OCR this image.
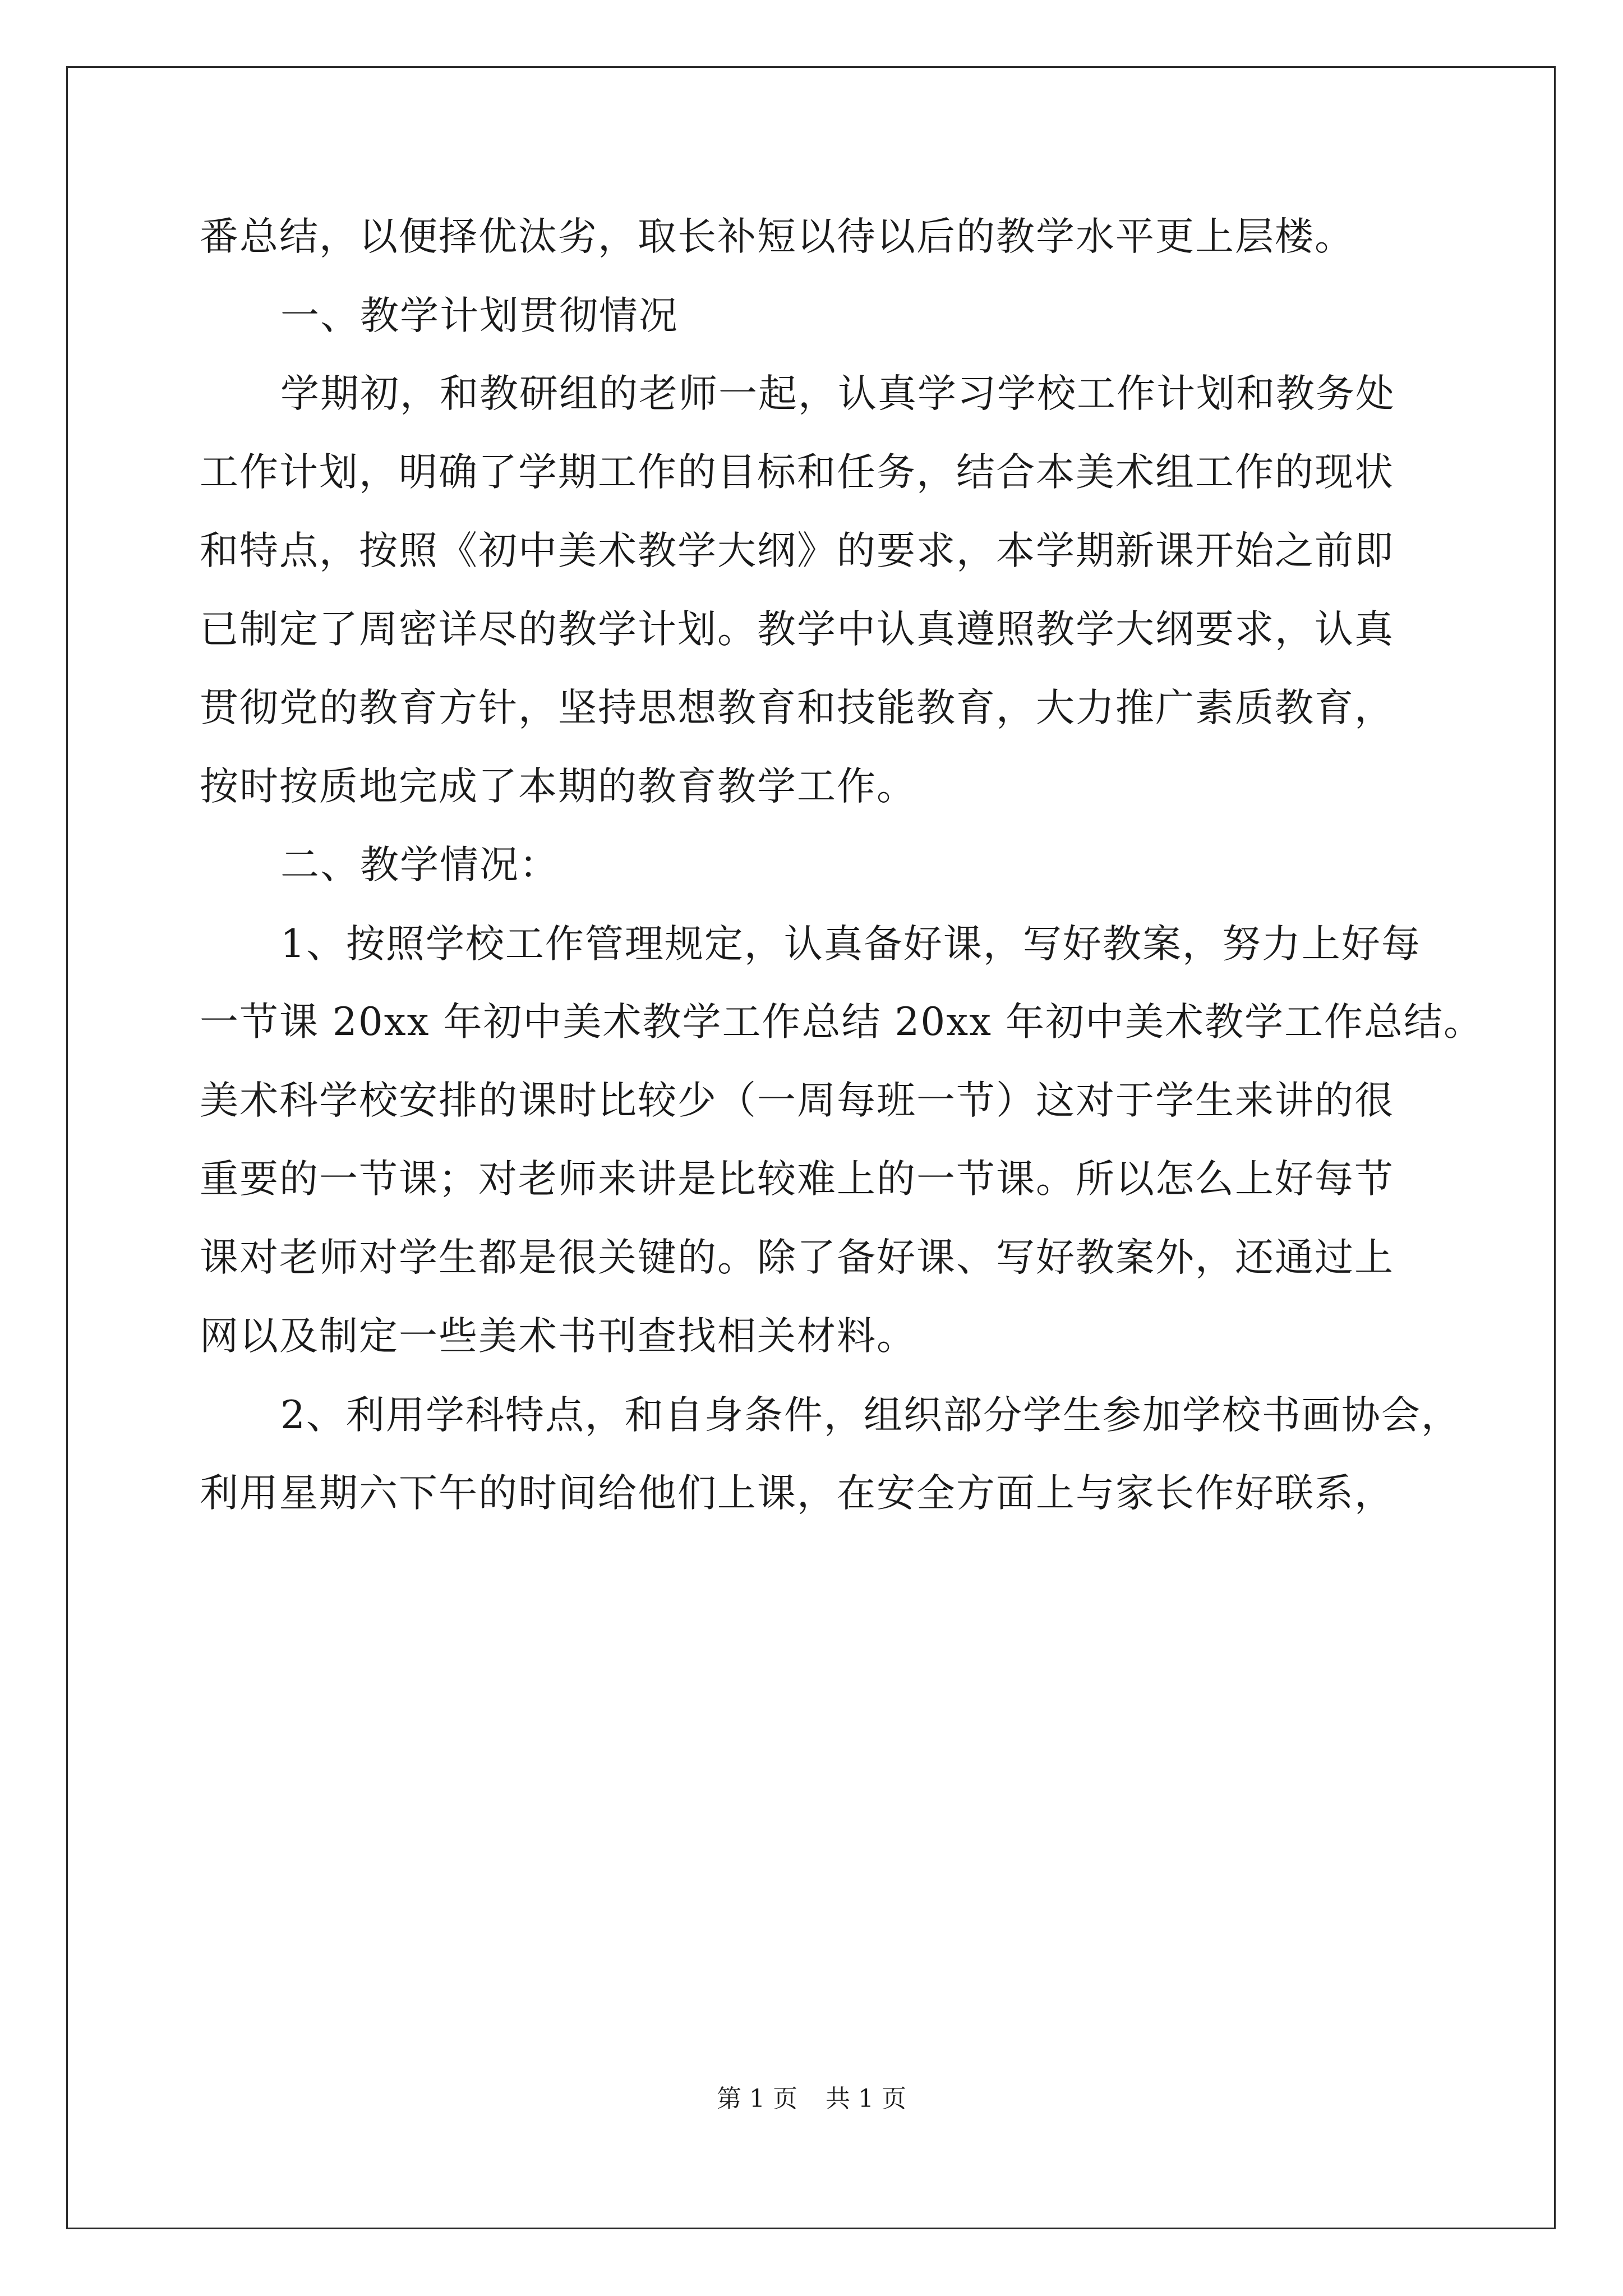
番总结，以便择优汰劣，取长补短以待以后的教学水平更上层楼。
一、教学计划贯彻情况
学期初，和教研组的老师一起，认真学习学校工作计划和教务处
工作计划，明确了学期工作的目标和任务，结合本美术组工作的现状
和特点，按照《初中美术教学大纲》的要求，本学期新课开始之前即
已制定了周密详尽的教学计划。教学中认真遵照教学大纲要求，认真
贯彻党的教育方针，坚持思想教育和技能教育，大力推广素质教育，
按时按质地完成了本期的教育教学工作。
二、教学情况：
1、按照学校工作管理规定，认真备好课，写好教案，努力上好每
一节课 20xx 年初中美术教学工作总结 20xx 年初中美术教学工作总结。
美术科学校安排的课时比较少（一周每班一节）这对于学生来讲的很
重要的一节课；对老师来讲是比较难上的一节课。所以怎么上好每节
课对老师对学生都是很关键的。除了备好课、写好教案外，还通过上
网以及制定一些美术书刊查找相关材料。
2、利用学科特点，和自身条件，组织部分学生参加学校书画协会，
利用星期六下午的时间给他们上课，在安全方面上与家长作好联系，
第 1 页 共 1 页
